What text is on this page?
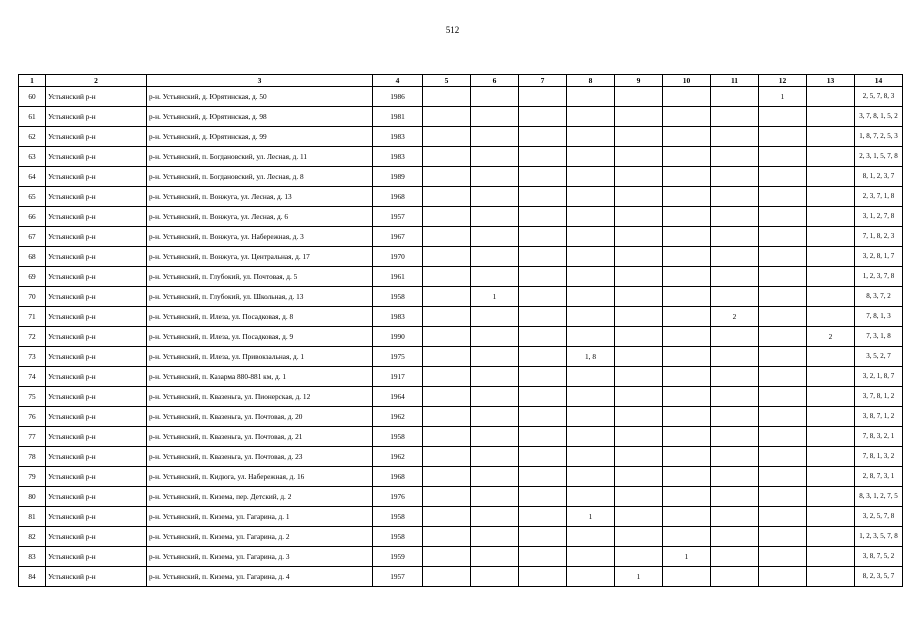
512
1	2	3	4	5	6	7	8	9	10	11	12	13	14
60	Устьянский р-н	р-н. Устьянский, д. Юрятинская, д. 50	1986								1		2, 5, 7, 8, 3
61	Устьянский р-н	р-н. Устьянский, д. Юрятинская, д. 98	1981										3, 7, 8, 1, 5, 2
62	Устьянский р-н	р-н. Устьянский, д. Юрятинская, д. 99	1983										1, 8, 7, 2, 5, 3
63	Устьянский р-н	р-н. Устьянский, п. Богдановский, ул. Лесная, д. 11	1983										2, 3, 1, 5, 7, 8
64	Устьянский р-н	р-н. Устьянский, п. Богдановский, ул. Лесная, д. 8	1989										8, 1, 2, 3, 7
65	Устьянский р-н	р-н. Устьянский, п. Вонжуга, ул. Лесная, д. 13	1968										2, 3, 7, 1, 8
66	Устьянский р-н	р-н. Устьянский, п. Вонжуга, ул. Лесная, д. 6	1957										3, 1, 2, 7, 8
67	Устьянский р-н	р-н. Устьянский, п. Вонжуга, ул. Набережная, д. 3	1967										7, 1, 8, 2, 3
68	Устьянский р-н	р-н. Устьянский, п. Вонжуга, ул. Центральная, д. 17	1970										3, 2, 8, 1, 7
69	Устьянский р-н	р-н. Устьянский, п. Глубокий, ул. Почтовая, д. 5	1961										1, 2, 3, 7, 8
70	Устьянский р-н	р-н. Устьянский, п. Глубокий, ул. Школьная, д. 13	1958		1								8, 3, 7, 2
71	Устьянский р-н	р-н. Устьянский, п. Илеза, ул. Посадковая, д. 8	1983							2			7, 8, 1, 3
72	Устьянский р-н	р-н. Устьянский, п. Илеза, ул. Посадковая, д. 9	1990									2	7, 3, 1, 8
73	Устьянский р-н	р-н. Устьянский, п. Илеза, ул. Привокзальная, д. 1	1975				1, 8						3, 5, 2, 7
74	Устьянский р-н	р-н. Устьянский, п. Казарма 880-881 км, д. 1	1917										3, 2, 1, 8, 7
75	Устьянский р-н	р-н. Устьянский, п. Квазеньга, ул. Пионерская, д. 12	1964										3, 7, 8, 1, 2
76	Устьянский р-н	р-н. Устьянский, п. Квазеньга, ул. Почтовая, д. 20	1962										3, 8, 7, 1, 2
77	Устьянский р-н	р-н. Устьянский, п. Квазеньга, ул. Почтовая, д. 21	1958										7, 8, 3, 2, 1
78	Устьянский р-н	р-н. Устьянский, п. Квазеньга, ул. Почтовая, д. 23	1962										7, 8, 1, 3, 2
79	Устьянский р-н	р-н. Устьянский, п. Кидюга, ул. Набережная, д. 16	1968										2, 8, 7, 3, 1
80	Устьянский р-н	р-н. Устьянский, п. Кизема, пер. Детский, д. 2	1976										8, 3, 1, 2, 7, 5
81	Устьянский р-н	р-н. Устьянский, п. Кизема, ул. Гагарина, д. 1	1958				1						3, 2, 5, 7, 8
82	Устьянский р-н	р-н. Устьянский, п. Кизема, ул. Гагарина, д. 2	1958										1, 2, 3, 5, 7, 8
83	Устьянский р-н	р-н. Устьянский, п. Кизема, ул. Гагарина, д. 3	1959						1				3, 8, 7, 5, 2
84	Устьянский р-н	р-н. Устьянский, п. Кизема, ул. Гагарина, д. 4	1957					1					8, 2, 3, 5, 7
